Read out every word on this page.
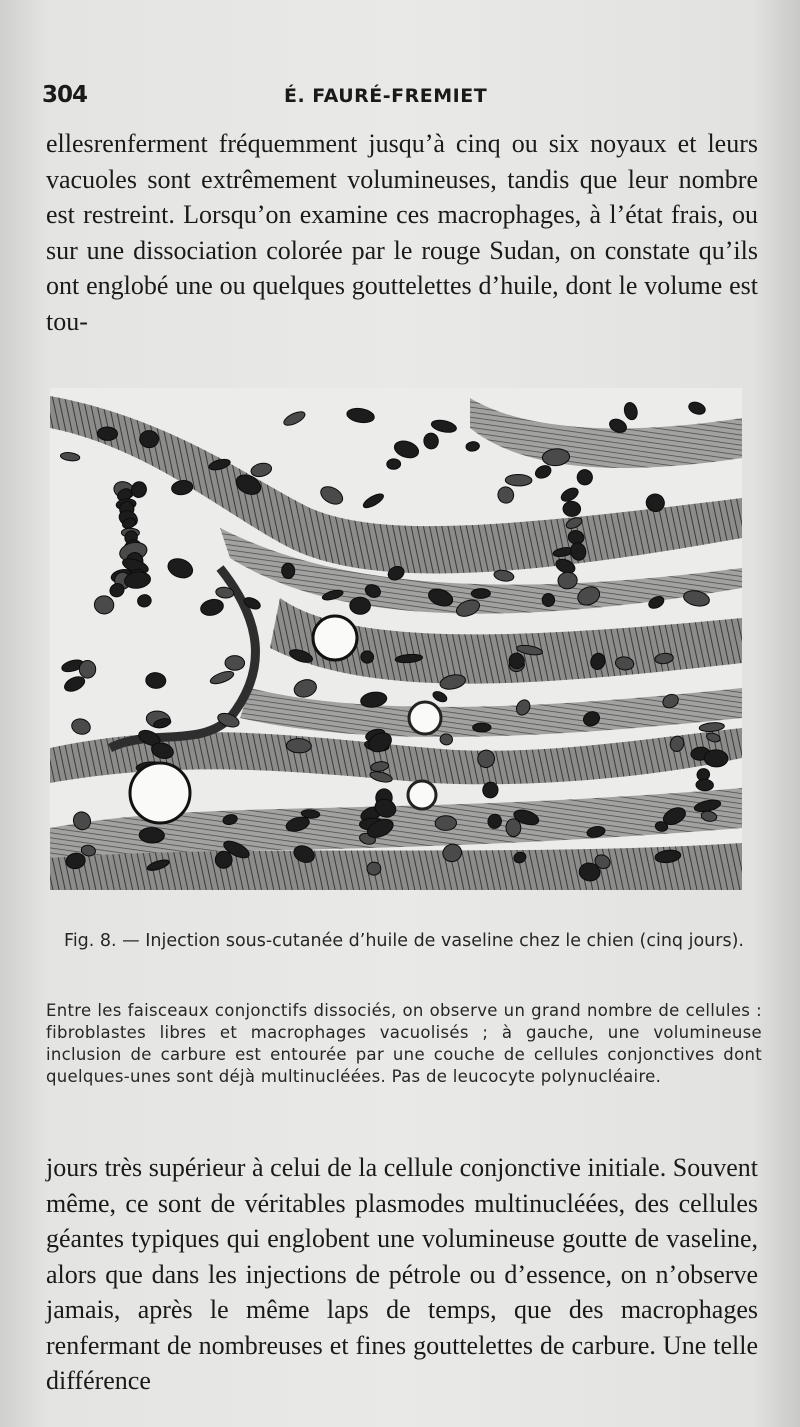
304	É. FAURÉ-FREMIET

ellesrenferment fréquemment jusqu’à cinq ou six noyaux et leurs vacuoles sont extrêmement volumineuses, tandis que leur nombre est restreint. Lorsqu’on examine ces macrophages, à l’état frais, ou sur une dissociation colorée par le rouge Sudan, on constate qu’ils ont englobé une ou quelques gouttelettes d’huile, dont le volume est tou-

Fig. 8. — Injection sous-cutanée d’huile de vaseline chez le chien (cinq jours).
Entre les faisceaux conjonctifs dissociés, on observe un grand nombre de cellules : fibroblastes libres et macrophages vacuolisés ; à gauche, une volumineuse inclusion de carbure est entourée par une couche de cellules conjonctives dont quelques-unes sont déjà multinucléées. Pas de leucocyte polynucléaire.

jours très supérieur à celui de la cellule conjonctive initiale. Souvent même, ce sont de véritables plasmodes multinucléées, des cellules géantes typiques qui englobent une volumineuse goutte de vaseline, alors que dans les injections de pétrole ou d’essence, on n’observe jamais, après le même laps de temps, que des macrophages renfermant de nombreuses et fines gouttelettes de carbure. Une telle différence
